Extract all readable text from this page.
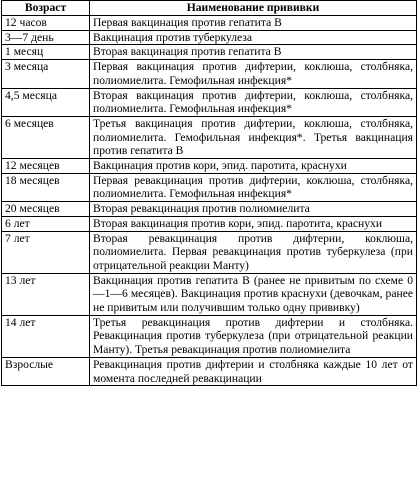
Возраст	Наименование прививки
12 часов	Первая вакцинация против гепатита В
3—7 день	Вакцинация против туберкулеза
1 месяц	Вторая вакцинация против гепатита В
3 месяца	Первая вакцинация против дифтерии, коклюша, столбняка, полиомиелита. Гемофильная инфекция*
4,5 месяца	Вторая вакцинация против дифтерии, коклюша, столбняка, полиомиелита. Гемофильная инфекция*
6 месяцев	Третья вакцинация против дифтерии, коклюша, столбняка, полиомиелита. Гемофильная инфекция*. Третья вакцинация против гепатита В
12 месяцев	Вакцинация против кори, эпид. паротита, краснухи
18 месяцев	Первая ревакцинация против дифтерии, коклюша, столбняка, полиомиелита. Гемофильная инфекция*
20 месяцев	Вторая ревакцинация против полиомиелита
6 лет	Вторая вакцинация против кори, эпид. паротита, краснухи
7 лет	Вторая ревакцинация против дифтерии, коклюша, полиомиелита. Первая ревакцинация против туберкулеза (при отрицательной реакции Манту)
13 лет	Вакцинация против гепатита В (ранее не привитым по схеме 0—1—6 месяцев). Вакцинация против краснухи (девочкам, ранее не привитым или получившим только одну прививку)
14 лет	Третья ревакцинация против дифтерии и столбняка. Ревакцинация против туберкулеза (при отрицательной реакции Манту). Третья ревакцинация против полиомиелита
Взрослые	Ревакцинация против дифтерии и столбняка каждые 10 лет от момента последней ревакцинации
